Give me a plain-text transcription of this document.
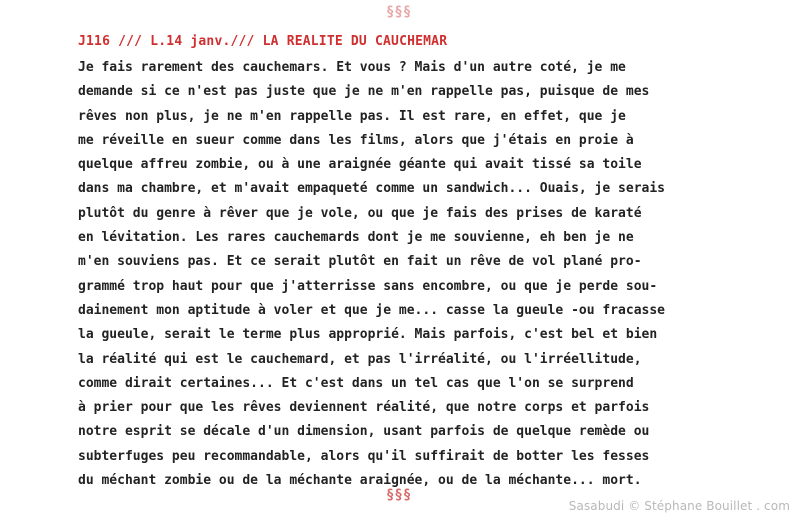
§§§
J116 /// L.14 janv./// LA REALITE DU CAUCHEMAR
Je fais rarement des cauchemars. Et vous ? Mais d'un autre coté, je me
demande si ce n'est pas juste que je ne m'en rappelle pas, puisque de mes
rêves non plus, je ne m'en rappelle pas. Il est rare, en effet, que je
me réveille en sueur comme dans les films, alors que j'étais en proie à
quelque affreu zombie, ou à une araignée géante qui avait tissé sa toile
dans ma chambre, et m'avait empaqueté comme un sandwich... Ouais, je serais
plutôt du genre à rêver que je vole, ou que je fais des prises de karaté
en lévitation. Les rares cauchemards dont je me souvienne, eh ben je ne
m'en souviens pas. Et ce serait plutôt en fait un rêve de vol plané pro-
grammé trop haut pour que j'atterrisse sans encombre, ou que je perde sou-
dainement mon aptitude à voler et que je me... casse la gueule -ou fracasse
la gueule, serait le terme plus approprié. Mais parfois, c'est bel et bien
la réalité qui est le cauchemard, et pas l'irréalité, ou l'irréellitude,
comme dirait certaines... Et c'est dans un tel cas que l'on se surprend
à prier pour que les rêves deviennent réalité, que notre corps et parfois
notre esprit se décale d'un dimension, usant parfois de quelque remède ou
subterfuges peu recommandable, alors qu'il suffirait de botter les fesses
du méchant zombie ou de la méchante araignée, ou de la méchante... mort.
§§§
Sasabudi © Stéphane Bouillet . com
